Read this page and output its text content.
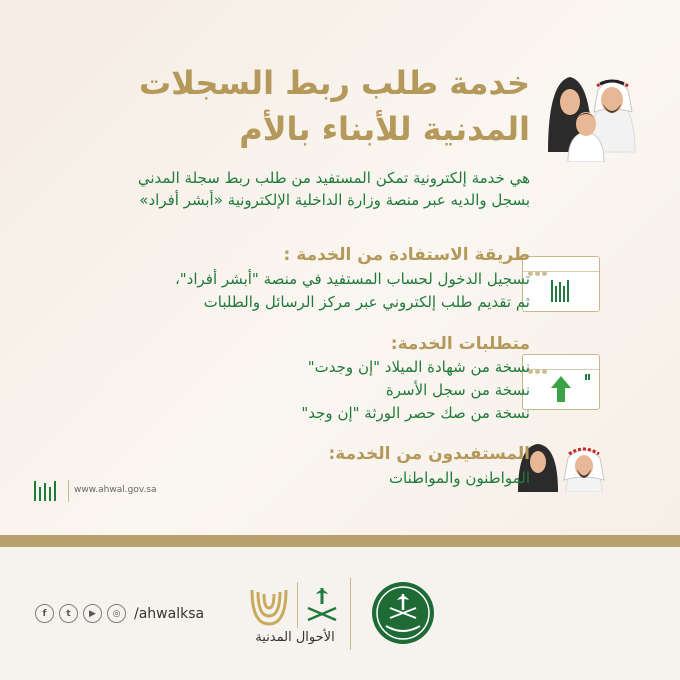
خدمة طلب ربط السجلات
المدنية للأبناء بالأم
هي خدمة إلكترونية تمكن المستفيد من طلب ربط سجلة المدني
بسجل والديه عبر منصة وزارة الداخلية الإلكترونية «أبشر أفراد»
طريقة الاستفادة من الخدمة :
تسجيل الدخول لحساب المستفيد في منصة "أبشر أفراد"،
ثم تقديم طلب إلكتروني عبر مركز الرسائل والطلبات
متطلبات الخدمة:
نسخة من شهادة الميلاد "إن وجدت"
نسخة من سجل الأسرة
نسخة من صك حصر الورثة "إن وجد"
المستفيدون من الخدمة:
المواطنون والمواطنات
www.ahwal.gov.sa
f	t	▶	◎ /ahwalksa
الأحوال المدنية
